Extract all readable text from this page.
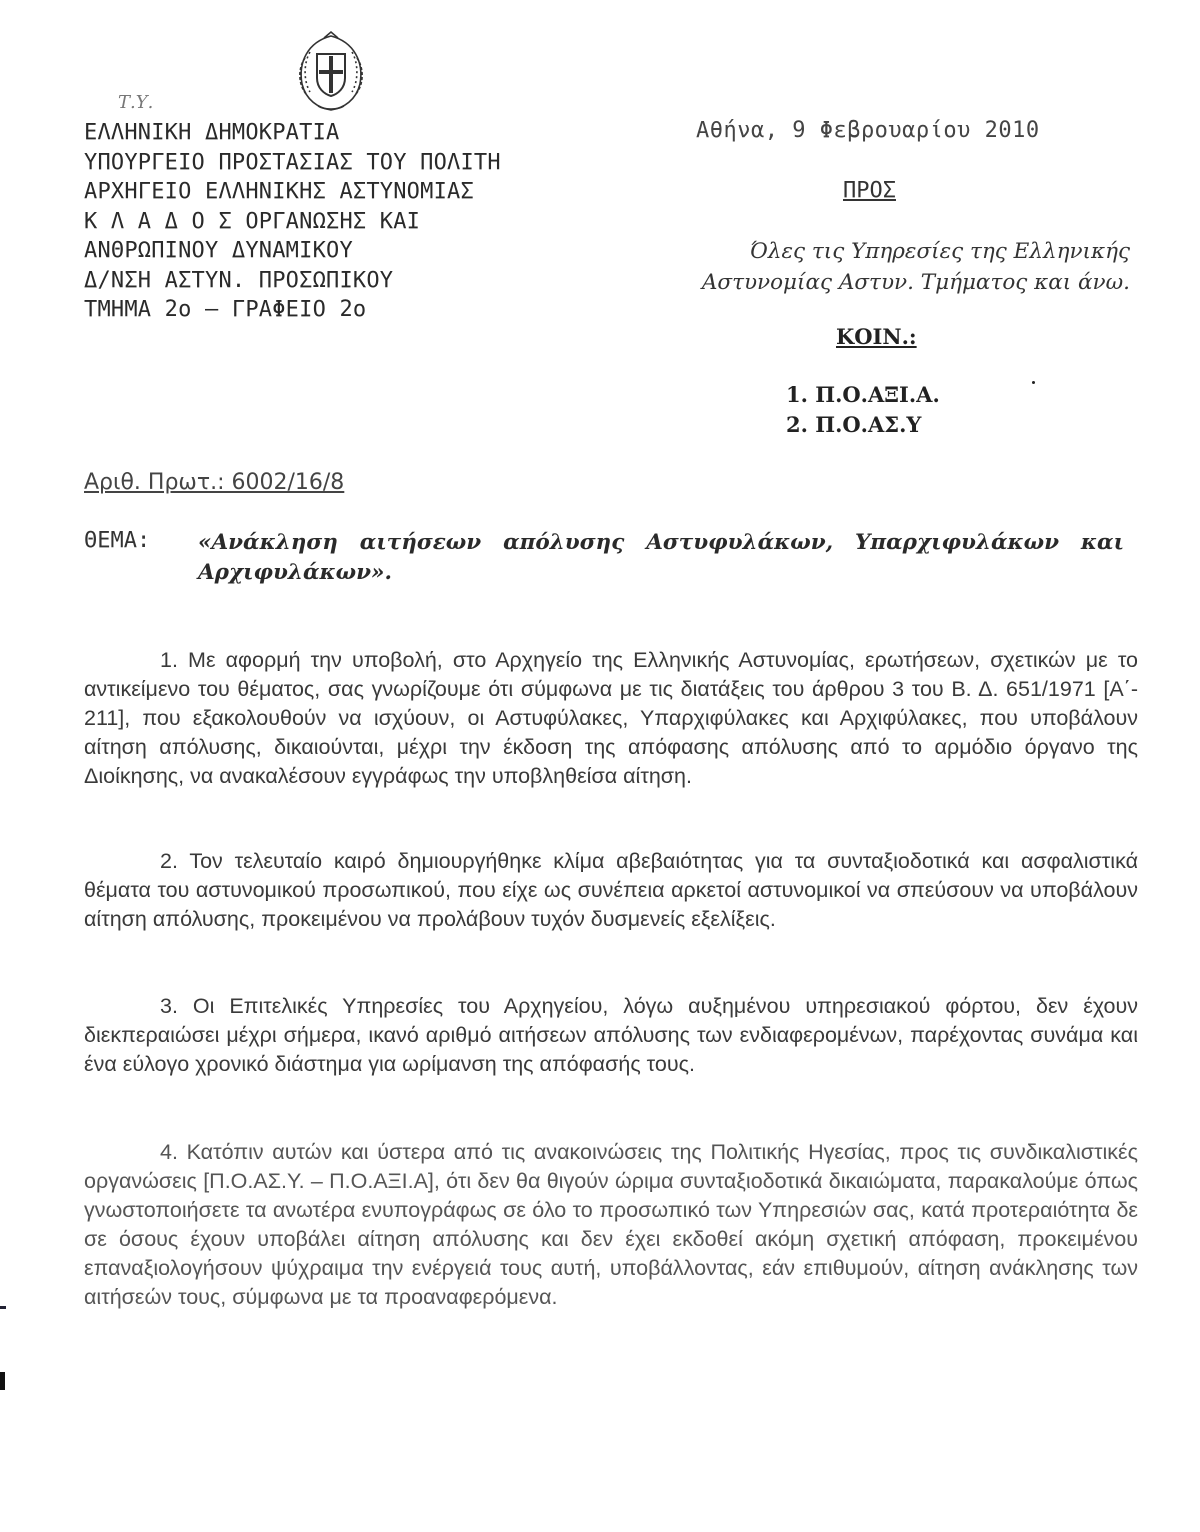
Τ.Υ.
ΕΛΛΗΝΙΚΗ ΔΗΜΟΚΡΑΤΙΑ
ΥΠΟΥΡΓΕΙΟ ΠΡΟΣΤΑΣΙΑΣ ΤΟΥ ΠΟΛΙΤΗ
ΑΡΧΗΓΕΙΟ ΕΛΛΗΝΙΚΗΣ ΑΣΤΥΝΟΜΙΑΣ
Κ Λ Α Δ Ο Σ ΟΡΓΑΝΩΣΗΣ ΚΑΙ
ΑΝΘΡΩΠΙΝΟΥ ΔΥΝΑΜΙΚΟΥ
Δ/ΝΣΗ ΑΣΤΥΝ. ΠΡΟΣΩΠΙΚΟΥ
ΤΜΗΜΑ 2ο – ΓΡΑΦΕΙΟ 2ο
Αθήνα, 9 Φεβρουαρίου 2010
ΠΡΟΣ
Όλες τις Υπηρεσίες της Ελληνικής
Αστυνομίας Αστυν. Τμήματος και άνω.
ΚΟΙΝ.:
1. Π.Ο.ΑΞΙ.Α.
2. Π.Ο.ΑΣ.Υ
Αριθ. Πρωτ.: 6002/16/8
ΘΕΜΑ: «Ανάκληση αιτήσεων απόλυσης Αστυφυλάκων, Υπαρχιφυλάκων και Αρχιφυλάκων».

1. Με αφορμή την υποβολή, στο Αρχηγείο της Ελληνικής Αστυνομίας, ερωτήσεων, σχετικών με το αντικείμενο του θέματος, σας γνωρίζουμε ότι σύμφωνα με τις διατάξεις του άρθρου 3 του Β. Δ. 651/1971 [Α΄- 211], που εξακολουθούν να ισχύουν, οι Αστυφύλακες, Υπαρχιφύλακες και Αρχιφύλακες, που υποβάλουν αίτηση απόλυσης, δικαιούνται, μέχρι την έκδοση της απόφασης απόλυσης από το αρμόδιο όργανο της Διοίκησης, να ανακαλέσουν εγγράφως την υποβληθείσα αίτηση.

2. Τον τελευταίο καιρό δημιουργήθηκε κλίμα αβεβαιότητας για τα συνταξιοδοτικά και ασφαλιστικά θέματα του αστυνομικού προσωπικού, που είχε ως συνέπεια αρκετοί αστυνομικοί να σπεύσουν να υποβάλουν αίτηση απόλυσης, προκειμένου να προλάβουν τυχόν δυσμενείς εξελίξεις.

3. Οι Επιτελικές Υπηρεσίες του Αρχηγείου, λόγω αυξημένου υπηρεσιακού φόρτου, δεν έχουν διεκπεραιώσει μέχρι σήμερα, ικανό αριθμό αιτήσεων απόλυσης των ενδιαφερομένων, παρέχοντας συνάμα και ένα εύλογο χρονικό διάστημα για ωρίμανση της απόφασής τους.

4. Κατόπιν αυτών και ύστερα από τις ανακοινώσεις της Πολιτικής Ηγεσίας, προς τις συνδικαλιστικές οργανώσεις [Π.Ο.ΑΣ.Υ. – Π.Ο.ΑΞΙ.Α], ότι δεν θα θιγούν ώριμα συνταξιοδοτικά δικαιώματα, παρακαλούμε όπως γνωστοποιήσετε τα ανωτέρα ενυπογράφως σε όλο το προσωπικό των Υπηρεσιών σας, κατά προτεραιότητα δε σε όσους έχουν υποβάλει αίτηση απόλυσης και δεν έχει εκδοθεί ακόμη σχετική απόφαση, προκειμένου επαναξιολογήσουν ψύχραιμα την ενέργειά τους αυτή, υποβάλλοντας, εάν επιθυμούν, αίτηση ανάκλησης των αιτήσεών τους, σύμφωνα με τα προαναφερόμενα.
